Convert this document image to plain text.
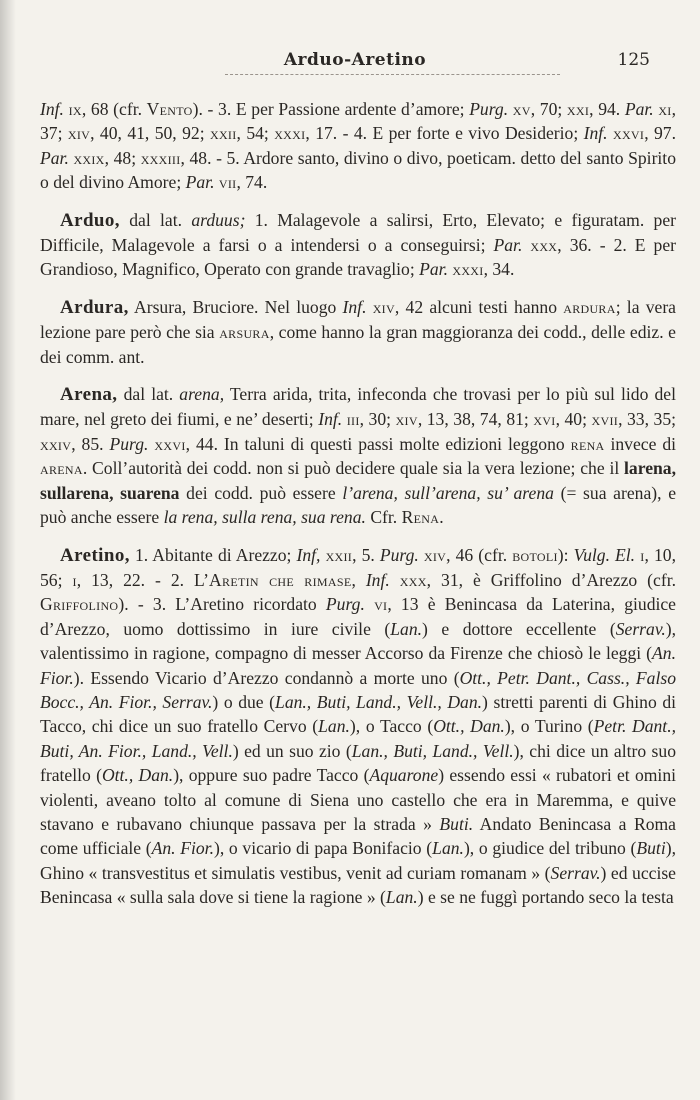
Arduo-Aretino	125

Inf. ix, 68 (cfr. Vento). - 3. E per Passione ardente d’amore; Purg. xv, 70; xxi, 94. Par. xi, 37; xiv, 40, 41, 50, 92; xxii, 54; xxxi, 17. - 4. E per forte e vivo Desiderio; Inf. xxvi, 97. Par. xxix, 48; xxxiii, 48. - 5. Ardore santo, divino o divo, poeticam. detto del santo Spirito o del divino Amore; Par. vii, 74.

Arduo, dal lat. arduus; 1. Malagevole a salirsi, Erto, Elevato; e figuratam. per Difficile, Malagevole a farsi o a intendersi o a conseguirsi; Par. xxx, 36. - 2. E per Grandioso, Magnifico, Operato con grande travaglio; Par. xxxi, 34.

Ardura, Arsura, Bruciore. Nel luogo Inf. xiv, 42 alcuni testi hanno ardura; la vera lezione pare però che sia arsura, come hanno la gran maggioranza dei codd., delle ediz. e dei comm. ant.

Arena, dal lat. arena, Terra arida, trita, infeconda che trovasi per lo più sul lido del mare, nel greto dei fiumi, e ne’ deserti; Inf. iii, 30; xiv, 13, 38, 74, 81; xvi, 40; xvii, 33, 35; xxiv, 85. Purg. xxvi, 44. In taluni di questi passi molte edizioni leggono rena invece di arena. Coll’autorità dei codd. non si può decidere quale sia la vera lezione; che il larena, sullarena, suarena dei codd. può essere l’arena, sull’arena, su’ arena (= sua arena), e può anche essere la rena, sulla rena, sua rena. Cfr. Rena.

Aretino, 1. Abitante di Arezzo; Inf, xxii, 5. Purg. xiv, 46 (cfr. botoli): Vulg. El. i, 10, 56; i, 13, 22. - 2. L’Aretin che rimase, Inf. xxx, 31, è Griffolino d’Arezzo (cfr. Griffolino). - 3. L’Aretino ricordato Purg. vi, 13 è Benincasa da Laterina, giudice d’Arezzo, uomo dottissimo in iure civile (Lan.) e dottore eccellente (Serrav.), valentissimo in ragione, compagno di messer Accorso da Firenze che chiosò le leggi (An. Fior.). Essendo Vicario d’Arezzo condannò a morte uno (Ott., Petr. Dant., Cass., Falso Bocc., An. Fior., Serrav.) o due (Lan., Buti, Land., Vell., Dan.) stretti parenti di Ghino di Tacco, chi dice un suo fratello Cervo (Lan.), o Tacco (Ott., Dan.), o Turino (Petr. Dant., Buti, An. Fior., Land., Vell.) ed un suo zio (Lan., Buti, Land., Vell.), chi dice un altro suo fratello (Ott., Dan.), oppure suo padre Tacco (Aquarone) essendo essi « rubatori et omini violenti, aveano tolto al comune di Siena uno castello che era in Maremma, e quive stavano e rubavano chiunque passava per la strada » Buti. Andato Benincasa a Roma come ufficiale (An. Fior.), o vicario di papa Bonifacio (Lan.), o giudice del tribuno (Buti), Ghino « transvestitus et simulatis vestibus, venit ad curiam romanam » (Serrav.) ed uccise Benincasa « sulla sala dove si tiene la ragione » (Lan.) e se ne fuggì portando seco la testa
